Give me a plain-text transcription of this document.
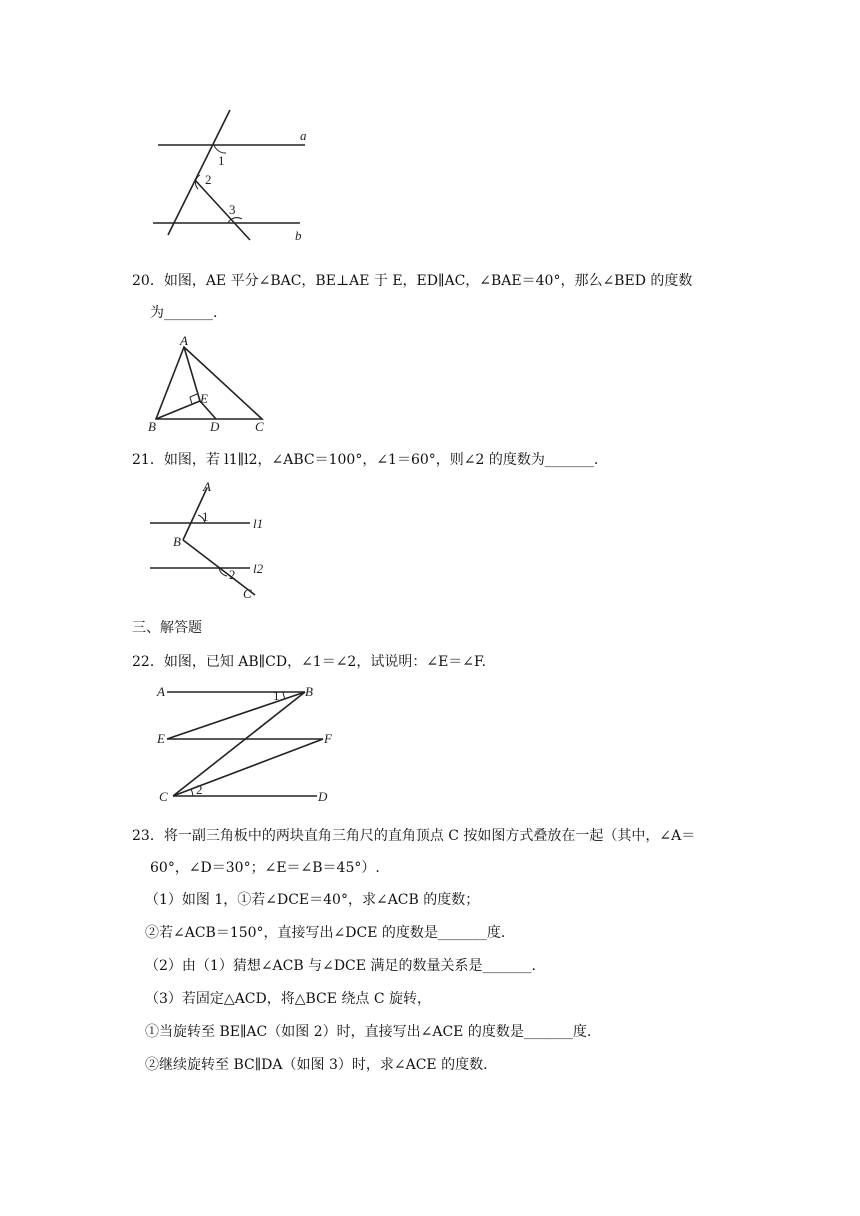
a
b
1
2
3
20．如图，AE 平分∠BAC，BE⊥AE 于 E，ED∥AC，∠BAE＝40°，那么∠BED 的度数
为_______.
A
B	C
D
E
21．如图，若 l1∥l2，∠ABC＝100°，∠1＝60°，则∠2 的度数为_______.
A
B
C
l1
l2
1
2
三、解答题
22．如图，已知 AB∥CD，∠1＝∠2，试说明：∠E＝∠F.
A	B
E	F
C	D
1
2
23．将一副三角板中的两块直角三角尺的直角顶点 C 按如图方式叠放在一起（其中，∠A＝
60°，∠D＝30°；∠E＝∠B＝45°）.
（1）如图 1，①若∠DCE＝40°，求∠ACB 的度数；
②若∠ACB＝150°，直接写出∠DCE 的度数是_______度.
（2）由（1）猜想∠ACB 与∠DCE 满足的数量关系是_______.
（3）若固定△ACD，将△BCE 绕点 C 旋转，
①当旋转至 BE∥AC（如图 2）时，直接写出∠ACE 的度数是_______度.
②继续旋转至 BC∥DA（如图 3）时，求∠ACE 的度数.
